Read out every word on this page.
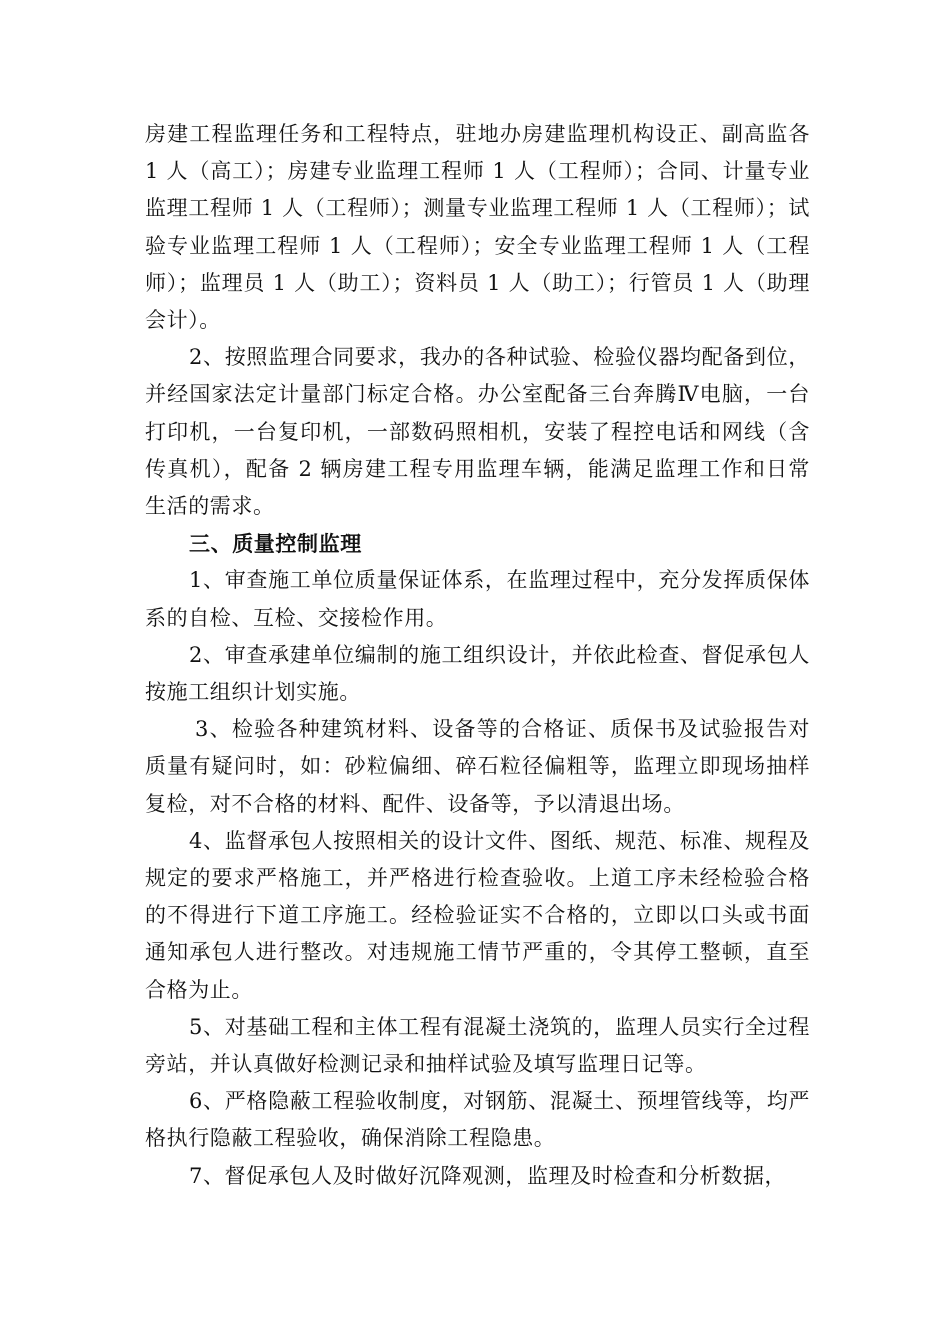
房建工程监理任务和工程特点，驻地办房建监理机构设正、副高监各 1 人（高工）；房建专业监理工程师 1 人（工程师）；合同、计量专业监理工程师 1 人（工程师）；测量专业监理工程师 1 人（工程师）；试验专业监理工程师 1 人（工程师）；安全专业监理工程师 1 人（工程师）；监理员 1 人（助工）；资料员 1 人（助工）；行管员 1 人（助理会计）。

2、按照监理合同要求，我办的各种试验、检验仪器均配备到位，并经国家法定计量部门标定合格。办公室配备三台奔腾Ⅳ电脑，一台打印机，一台复印机，一部数码照相机，安装了程控电话和网线（含传真机），配备 2 辆房建工程专用监理车辆，能满足监理工作和日常生活的需求。

三、质量控制监理

1、审查施工单位质量保证体系，在监理过程中，充分发挥质保体系的自检、互检、交接检作用。

2、审查承建单位编制的施工组织设计，并依此检查、督促承包人按施工组织计划实施。

3、检验各种建筑材料、设备等的合格证、质保书及试验报告对质量有疑问时，如：砂粒偏细、碎石粒径偏粗等，监理立即现场抽样复检，对不合格的材料、配件、设备等，予以清退出场。

4、监督承包人按照相关的设计文件、图纸、规范、标准、规程及规定的要求严格施工，并严格进行检查验收。上道工序未经检验合格的不得进行下道工序施工。经检验证实不合格的，立即以口头或书面通知承包人进行整改。对违规施工情节严重的，令其停工整顿，直至合格为止。

5、对基础工程和主体工程有混凝土浇筑的，监理人员实行全过程旁站，并认真做好检测记录和抽样试验及填写监理日记等。

6、严格隐蔽工程验收制度，对钢筋、混凝土、预埋管线等，均严格执行隐蔽工程验收，确保消除工程隐患。

7、督促承包人及时做好沉降观测，监理及时检查和分析数据，
